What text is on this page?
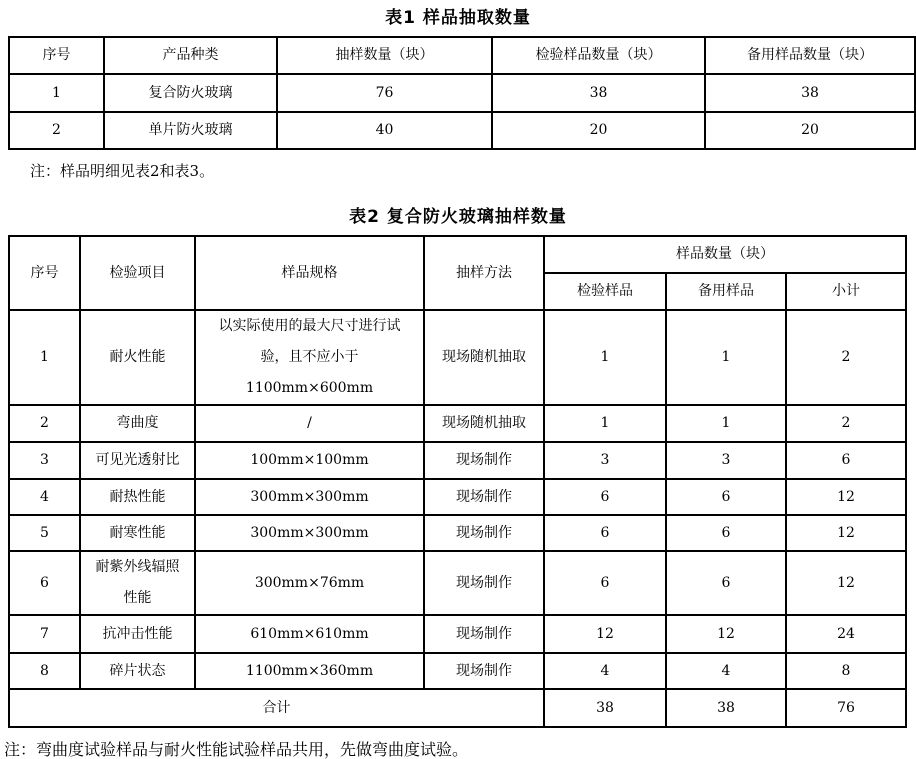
表1 样品抽取数量
序号	产品种类	抽样数量（块）	检验样品数量（块）	备用样品数量（块）
1	复合防火玻璃	76	38	38
2	单片防火玻璃	40	20	20
注：样品明细见表2和表3。
表2 复合防火玻璃抽样数量
序号	检验项目	样品规格	抽样方法	样品数量（块）		
				检验样品	备用样品	小计
1	耐火性能	以实际使用的最大尺寸进行试验，且不应小于1100mm×600mm	现场随机抽取	1	1	2
2	弯曲度	/	现场随机抽取	1	1	2
3	可见光透射比	100mm×100mm	现场制作	3	3	6
4	耐热性能	300mm×300mm	现场制作	6	6	12
5	耐寒性能	300mm×300mm	现场制作	6	6	12
6	耐紫外线辐照性能	300mm×76mm	现场制作	6	6	12
7	抗冲击性能	610mm×610mm	现场制作	12	12	24
8	碎片状态	1100mm×360mm	现场制作	4	4	8
合计				38	38	76
注：弯曲度试验样品与耐火性能试验样品共用，先做弯曲度试验。
